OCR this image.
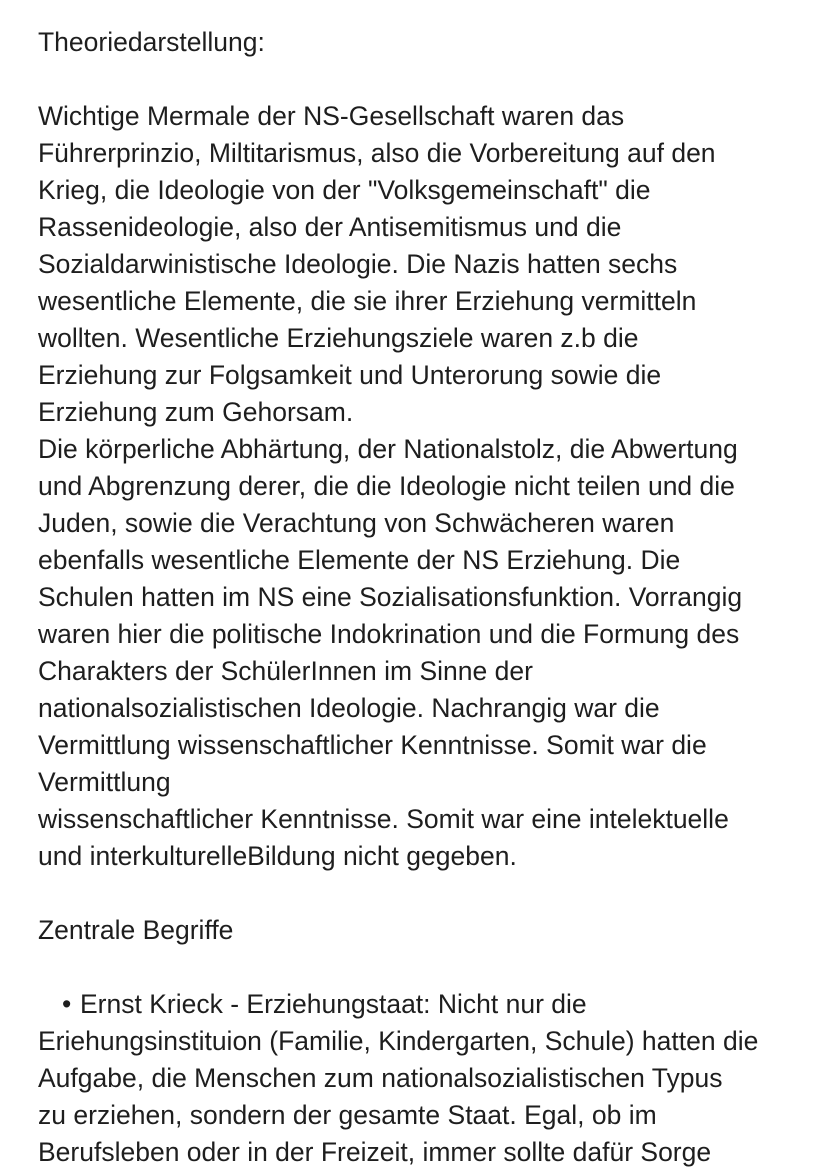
Theoriedarstellung:
Wichtige Mermale der NS-Gesellschaft waren das
Führerprinzio, Miltitarismus, also die Vorbereitung auf den
Krieg, die Ideologie von der "Volksgemeinschaft" die
Rassenideologie, also der Antisemitismus und die
Sozialdarwinistische Ideologie. Die Nazis hatten sechs
wesentliche Elemente, die sie ihrer Erziehung vermitteln
wollten. Wesentliche Erziehungsziele waren z.b die
Erziehung zur Folgsamkeit und Unterorung sowie die
Erziehung zum Gehorsam.
Die körperliche Abhärtung, der Nationalstolz, die Abwertung
und Abgrenzung derer, die die Ideologie nicht teilen und die
Juden, sowie die Verachtung von Schwächeren waren
ebenfalls wesentliche Elemente der NS Erziehung. Die
Schulen hatten im NS eine Sozialisationsfunktion. Vorrangig
waren hier die politische Indokrination und die Formung des
Charakters der SchülerInnen im Sinne der
nationalsozialistischen Ideologie. Nachrangig war die
Vermittlung wissenschaftlicher Kenntnisse. Somit war die
Vermittlung
wissenschaftlicher Kenntnisse. Somit war eine intelektuelle
und interkulturelleBildung nicht gegeben.
Zentrale Begriffe
• Ernst Krieck - Erziehungstaat: Nicht nur die
Eriehungsinstituion (Familie, Kindergarten, Schule) hatten die
Aufgabe, die Menschen zum nationalsozialistischen Typus
zu erziehen, sondern der gesamte Staat. Egal, ob im
Berufsleben oder in der Freizeit, immer sollte dafür Sorge
